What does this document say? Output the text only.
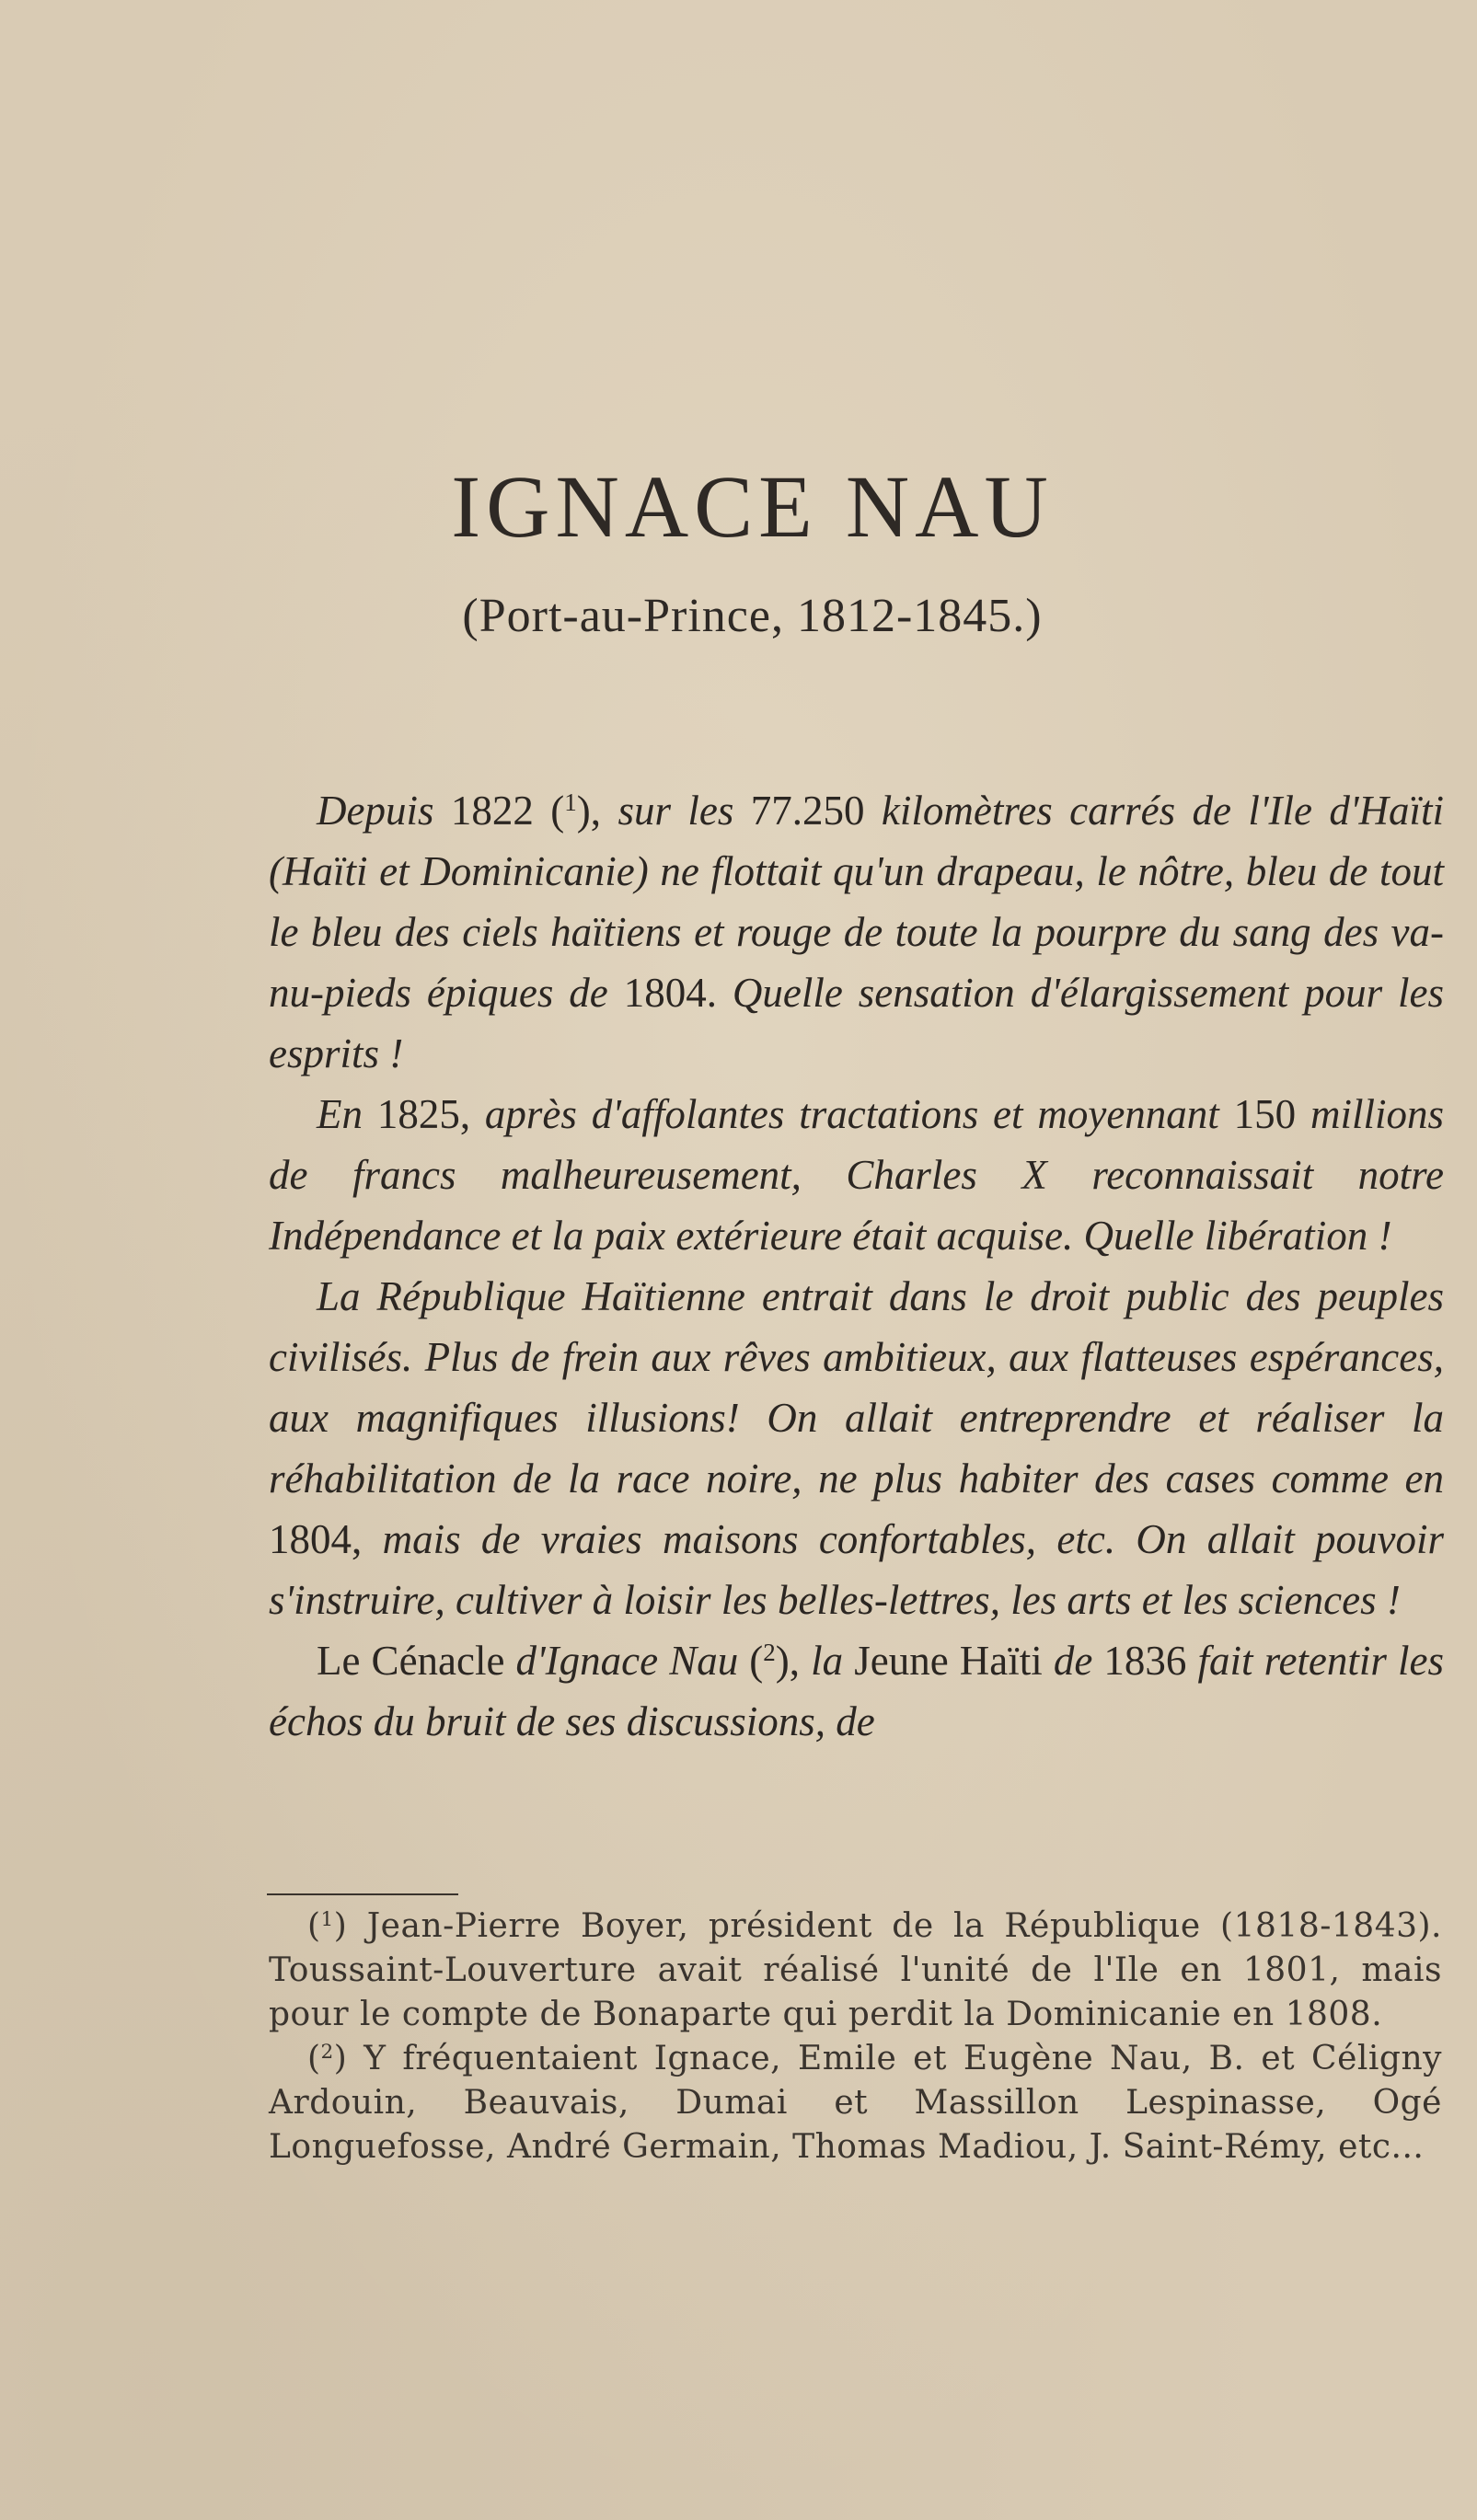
IGNACE NAU
(Port-au-Prince, 1812-1845.)

Depuis 1822 ($^1$), sur les 77.250 kilomètres carrés de l'Ile d'Haïti (Haïti et Dominicanie) ne flottait qu'un drapeau, le nôtre, bleu de tout le bleu des ciels haïtiens et rouge de toute la pourpre du sang des va-nu-pieds épiques de 1804. Quelle sensation d'élargissement pour les esprits !

En 1825, après d'affolantes tractations et moyennant 150 millions de francs malheureusement, Charles X reconnaissait notre Indépendance et la paix extérieure était acquise. Quelle libération !

La République Haïtienne entrait dans le droit public des peuples civilisés. Plus de frein aux rêves ambitieux, aux flatteuses espérances, aux magnifiques illusions! On allait entreprendre et réaliser la réhabilitation de la race noire, ne plus habiter des cases comme en 1804, mais de vraies maisons confortables, etc. On allait pouvoir s'instruire, cultiver à loisir les belles-lettres, les arts et les sciences !

Le Cénacle d'Ignace Nau ($^2$), la Jeune Haïti de 1836 fait retentir les échos du bruit de ses discussions, de

($^1$) Jean-Pierre Boyer, président de la République (1818-1843). Toussaint-Louverture avait réalisé l'unité de l'Ile en 1801, mais pour le compte de Bonaparte qui perdit la Dominicanie en 1808.

($^2$) Y fréquentaient Ignace, Emile et Eugène Nau, B. et Céligny Ardouin, Beauvais, Dumai et Massillon Lespinasse, Ogé Longuefosse, André Germain, Thomas Madiou, J. Saint-Rémy, etc...
